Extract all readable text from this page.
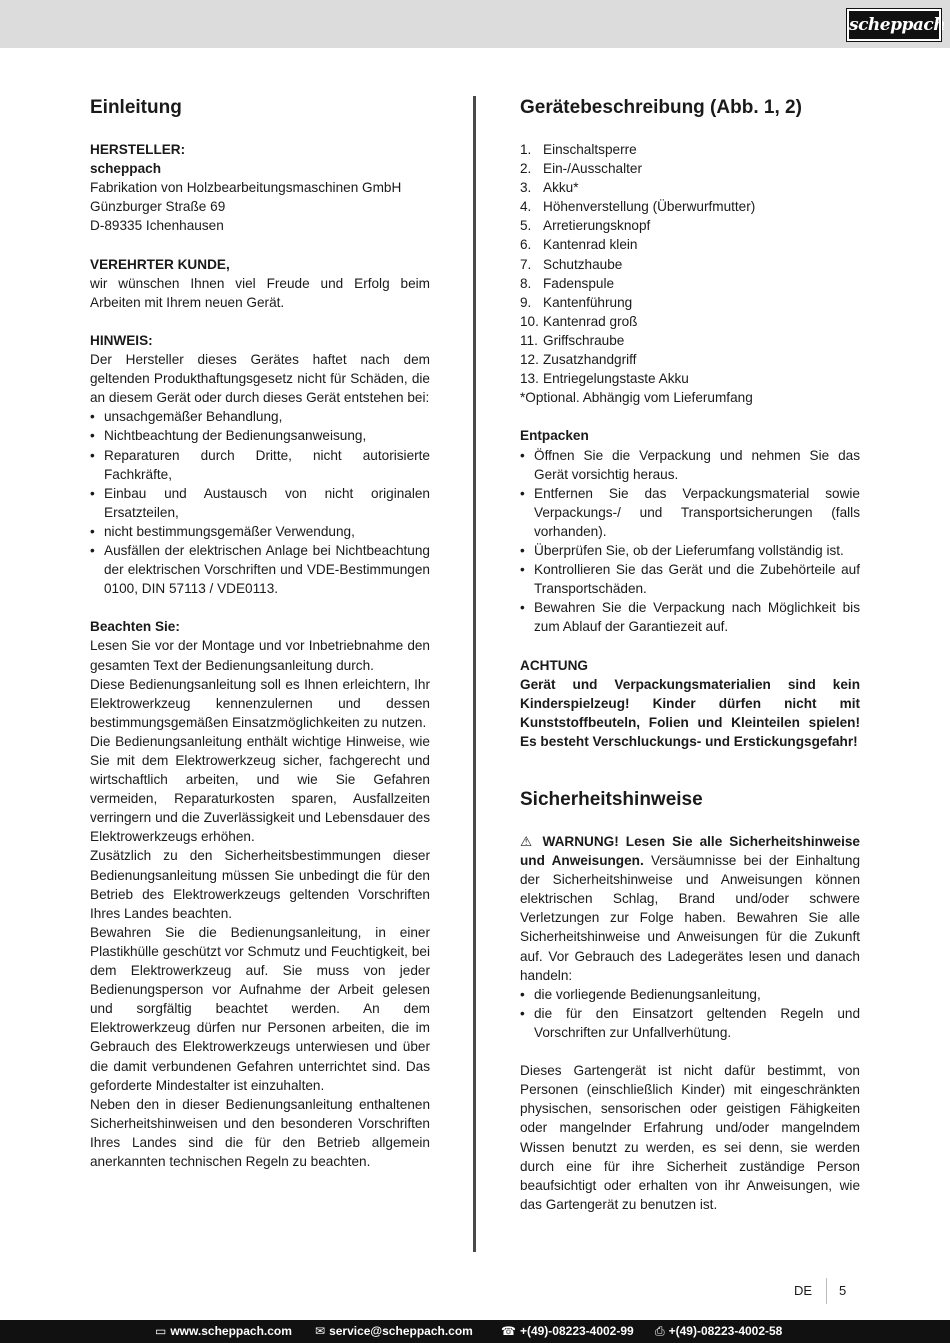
scheppach
Einleitung

HERSTELLER:

scheppach

Fabrikation von Holzbearbeitungsmaschinen GmbH

Günzburger Straße 69

D-89335 Ichenhausen

VEREHRTER KUNDE,

wir wünschen Ihnen viel Freude und Erfolg beim Arbeiten mit Ihrem neuen Gerät.

HINWEIS:

Der Hersteller dieses Gerätes haftet nach dem geltenden Produkthaftungsgesetz nicht für Schäden, die an diesem Gerät oder durch dieses Gerät entstehen bei:

• unsachgemäßer Behandlung,
• Nichtbeachtung der Bedienungsanweisung,
• Reparaturen durch Dritte, nicht autorisierte Fachkräfte,
• Einbau und Austausch von nicht originalen Ersatzteilen,
• nicht bestimmungsgemäßer Verwendung,
• Ausfällen der elektrischen Anlage bei Nichtbeachtung der elektrischen Vorschriften und VDE-Bestimmungen 0100, DIN 57113 / VDE0113.

Beachten Sie:

Lesen Sie vor der Montage und vor Inbetriebnahme den gesamten Text der Bedienungsanleitung durch.

Diese Bedienungsanleitung soll es Ihnen erleichtern, Ihr Elektrowerkzeug kennenzulernen und dessen bestimmungsgemäßen Einsatzmöglichkeiten zu nutzen.

Die Bedienungsanleitung enthält wichtige Hinweise, wie Sie mit dem Elektrowerkzeug sicher, fachgerecht und wirtschaftlich arbeiten, und wie Sie Gefahren vermeiden, Reparaturkosten sparen, Ausfallzeiten verringern und die Zuverlässigkeit und Lebensdauer des Elektrowerkzeugs erhöhen.

Zusätzlich zu den Sicherheitsbestimmungen dieser Bedienungsanleitung müssen Sie unbedingt die für den Betrieb des Elektrowerkzeugs geltenden Vorschriften Ihres Landes beachten.

Bewahren Sie die Bedienungsanleitung, in einer Plastikhülle geschützt vor Schmutz und Feuchtigkeit, bei dem Elektrowerkzeug auf. Sie muss von jeder Bedienungsperson vor Aufnahme der Arbeit gelesen und sorgfältig beachtet werden. An dem Elektrowerkzeug dürfen nur Personen arbeiten, die im Gebrauch des Elektrowerkzeugs unterwiesen und über die damit verbundenen Gefahren unterrichtet sind. Das geforderte Mindestalter ist einzuhalten.

Neben den in dieser Bedienungsanleitung enthaltenen Sicherheitshinweisen und den besonderen Vorschriften Ihres Landes sind die für den Betrieb allgemein anerkannten technischen Regeln zu beachten.

Gerätebeschreibung (Abb. 1, 2)
1. Einschaltsperre
2. Ein-/Ausschalter
3. Akku*
4. Höhenverstellung (Überwurfmutter)
5. Arretierungsknopf
6. Kantenrad klein
7. Schutzhaube
8. Fadenspule
9. Kantenführung
10. Kantenrad groß
11. Griffschraube
12. Zusatzhandgriff
13. Entriegelungstaste Akku

*Optional. Abhängig vom Lieferumfang

Entpacken

• Öffnen Sie die Verpackung und nehmen Sie das Gerät vorsichtig heraus.
• Entfernen Sie das Verpackungsmaterial sowie Verpackungs-/ und Transportsicherungen (falls vorhanden).
• Überprüfen Sie, ob der Lieferumfang vollständig ist.
• Kontrollieren Sie das Gerät und die Zubehörteile auf Transportschäden.
• Bewahren Sie die Verpackung nach Möglichkeit bis zum Ablauf der Garantiezeit auf.

ACHTUNG

Gerät und Verpackungsmaterialien sind kein Kinderspielzeug! Kinder dürfen nicht mit Kunststoffbeuteln, Folien und Kleinteilen spielen! Es besteht Verschluckungs- und Erstickungsgefahr!

Sicherheitshinweise

⚠ WARNUNG! Lesen Sie alle Sicherheitshinweise und Anweisungen. Versäumnisse bei der Einhaltung der Sicherheitshinweise und Anweisungen können elektrischen Schlag, Brand und/oder schwere Verletzungen zur Folge haben. Bewahren Sie alle Sicherheitshinweise und Anweisungen für die Zukunft auf. Vor Gebrauch des Ladegerätes lesen und danach handeln:

• die vorliegende Bedienungsanleitung,
• die für den Einsatzort geltenden Regeln und Vorschriften zur Unfallverhütung.

Dieses Gartengerät ist nicht dafür bestimmt, von Personen (einschließlich Kinder) mit eingeschränkten physischen, sensorischen oder geistigen Fähigkeiten oder mangelnder Erfahrung und/oder mangelndem Wissen benutzt zu werden, es sei denn, sie werden durch eine für ihre Sicherheit zuständige Person beaufsichtigt oder erhalten von ihr Anweisungen, wie das Gartengerät zu benutzen ist.

DE 5
▭ www.scheppach.com ✉ service@scheppach.com ☎ +(49)-08223-4002-99 ⎙ +(49)-08223-4002-58
